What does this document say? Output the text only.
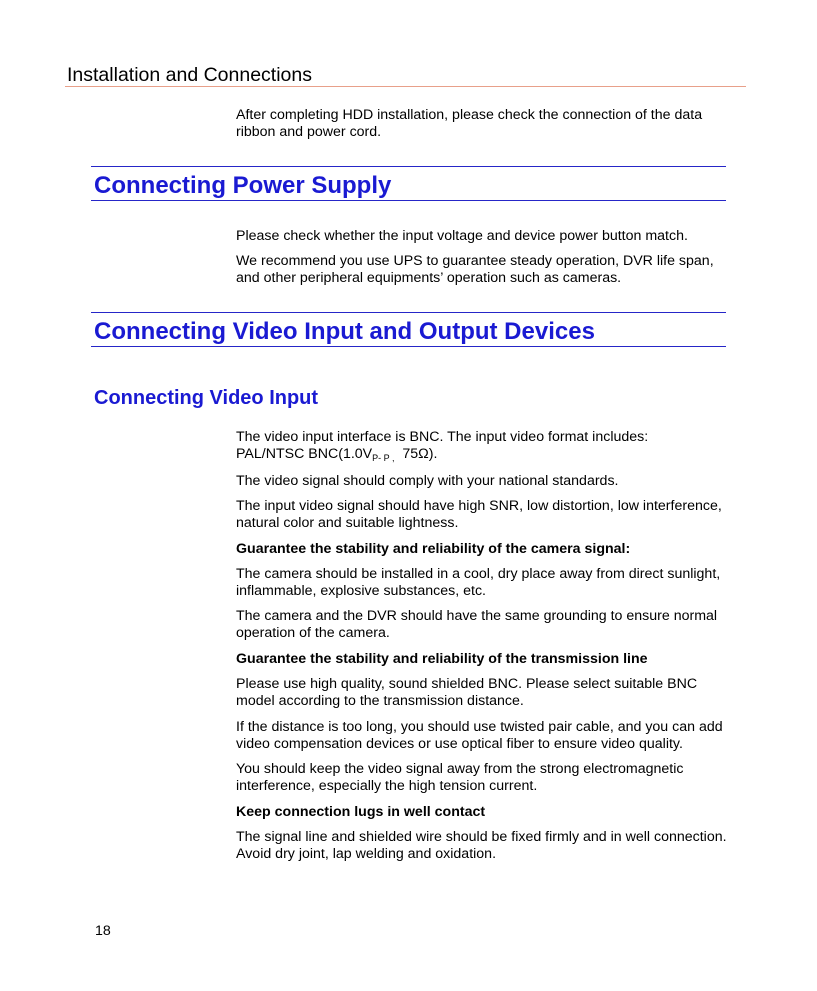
Installation and Connections

After completing HDD installation, please check the connection of the data ribbon and power cord.

Connecting Power Supply

Please check whether the input voltage and device power button match.

We recommend you use UPS to guarantee steady operation, DVR life span, and other peripheral equipments’ operation such as cameras.

Connecting Video Input and Output Devices
Connecting Video Input

The video input interface is BNC. The input video format includes:
PAL/NTSC $BNC(1.0V_{P- P ,}$ 75Ω).

The video signal should comply with your national standards.

The input video signal should have high SNR, low distortion, low interference, natural color and suitable lightness.

Guarantee the stability and reliability of the camera signal:

The camera should be installed in a cool, dry place away from direct sunlight, inflammable, explosive substances, etc.

The camera and the DVR should have the same grounding to ensure normal operation of the camera.

Guarantee the stability and reliability of the transmission line

Please use high quality, sound shielded BNC. Please select suitable BNC model according to the transmission distance.

If the distance is too long, you should use twisted pair cable, and you can add video compensation devices or use optical fiber to ensure video quality.

You should keep the video signal away from the strong electromagnetic interference, especially the high tension current.

Keep connection lugs in well contact

The signal line and shielded wire should be fixed firmly and in well connection. Avoid dry joint, lap welding and oxidation.

18
